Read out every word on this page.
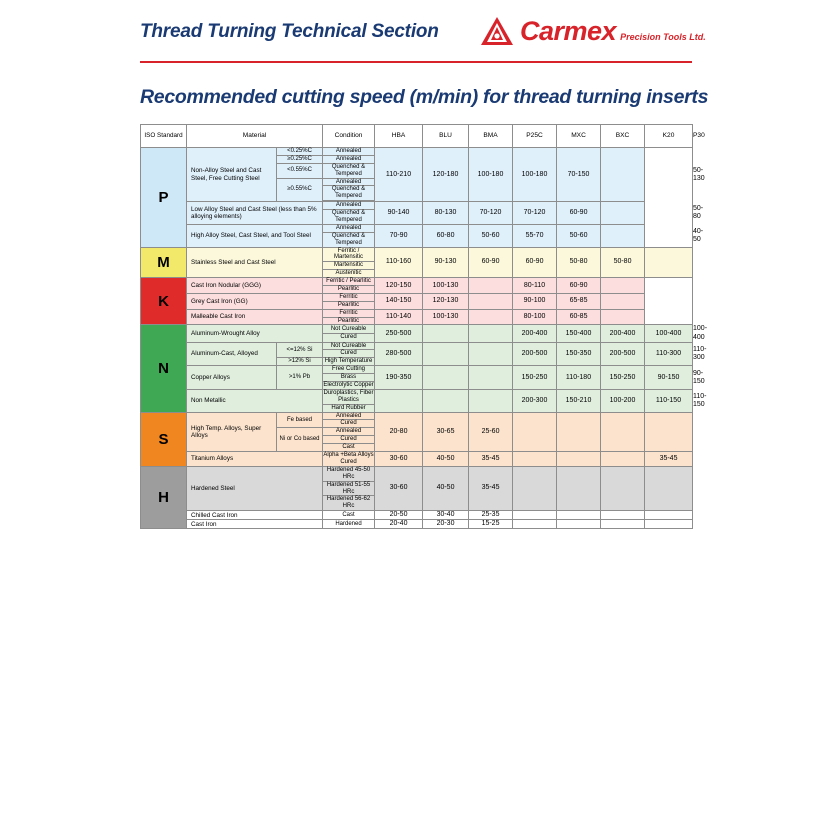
Thread Turning Technical Section	Carmex Precision Tools Ltd.
Recommended cutting speed (m/min) for thread turning inserts
ISO Standard	Material		Condition	HBA	BLU	BMA	P25C	MXC	BXC	K20	P30
P	Non-Alloy Steel and Cast Steel, Free Cutting Steel	<0.25%C	Annealed	110-210	120-180	100-180	100-180	70-150			50-130
		≥0.25%C	Annealed								
		<0.55%C	Quenched & Tempered								
		≥0.55%C	Annealed								
			Quenched & Tempered								

	Low Alloy Steel and Cast Steel (less than 5% alloying elements)		Annealed	90-140	80-130	70-120	70-120	60-90			50-80
			Quenched & Tempered								
	High Alloy Steel, Cast Steel, and Tool Steel		Annealed	70-90	60-80	50-60	55-70	50-60			40-50
			Quenched & Tempered								
M	Stainless Steel and Cast Steel		Ferritic / Martensitic	110-160	90-130	60-90	60-90	50-80	50-80		
			Martensitic								
			Austenitic								
K	Cast Iron Nodular (GGG)		Ferritic / Pearlitic	120-150	100-130		80-110	60-90			
			Pearlitic								
	Grey Cast Iron (GG)		Ferritic	140-150	120-130		90-100	65-85			
			Pearlitic								
	Malleable Cast Iron		Ferritic	110-140	100-130		80-100	60-85			
			Pearlitic								
N	Aluminum-Wrought Alloy		Not Cureable	250-500			200-400	150-400	200-400	100-400	100-400
			Cured								
	Aluminum-Cast, Alloyed	<=12% Si	Not Cureable	280-500			200-500	150-350	200-500	110-300	110-300
			Cured								
		>12% Si	High Temperature								
	Copper Alloys	>1% Pb	Free Cutting	190-350			150-250	110-180	150-250	90-150	90-150
			Brass								
			Electrolytic Copper								
	Non Metallic		Duroplastics, Fiber Plastics				200-300	150-210	100-200	110-150	110-150
			Hard Rubber								
S	High Temp. Alloys, Super Alloys	Fe based	Annealed	20-80	30-65	25-60					
			Cured								
		Ni or Co based	Annealed								
			Cured								
			Cast								
	Titanium Alloys		Alpha +Beta Alloys Cured	30-60	40-50	35-45				35-45	
H	Hardened Steel		Hardened 45-50 HRc	30-60	40-50	35-45					
			Hardened 51-55 HRc								
			Hardened 56-62 HRc								
	Chilled Cast Iron		Cast	20-50	30-40	25-35					
	Cast Iron		Hardened	20-40	20-30	15-25					
